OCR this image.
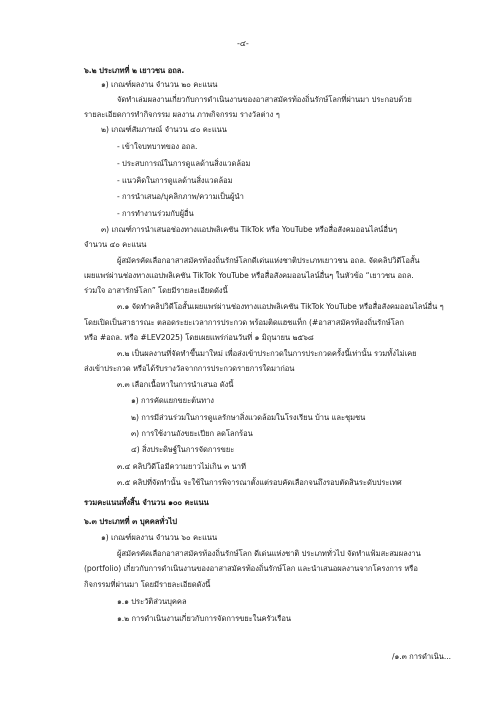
-๔-
๖.๒ ประเภทที่ ๒ เยาวชน อถล.
๑) เกณฑ์ผลงาน จำนวน ๒๐ คะแนน
จัดทำเล่มผลงานเกี่ยวกับการดำเนินงานของอาสาสมัครท้องถิ่นรักษ์โลกที่ผ่านมา ประกอบด้วย
รายละเอียดการทำกิจกรรม ผลงาน ภาพกิจกรรม รางวัลต่าง ๆ
๒) เกณฑ์สัมภาษณ์ จำนวน ๔๐ คะแนน
- เข้าใจบทบาทของ อถล.
- ประสบการณ์ในการดูแลด้านสิ่งแวดล้อม
- แนวคิดในการดูแลด้านสิ่งแวดล้อม
- การนำเสนอ/บุคลิกภาพ/ความเป็นผู้นำ
- การทำงานร่วมกับผู้อื่น
๓) เกณฑ์การนำเสนอช่องทางแอปพลิเคชัน TikTok หรือ YouTube หรือสื่อสังคมออนไลน์อื่นๆ
จำนวน ๔๐ คะแนน
ผู้สมัครคัดเลือกอาสาสมัครท้องถิ่นรักษ์โลกดีเด่นแห่งชาติประเภทเยาวชน อถล. จัดคลิปวิดีโอสั้น
เผยแพร่ผ่านช่องทางแอปพลิเคชัน TikTok YouTube หรือสื่อสังคมออนไลน์อื่นๆ ในหัวข้อ “เยาวชน อถล.
ร่วมใจ อาสารักษ์โลก” โดยมีรายละเอียดดังนี้
๓.๑ จัดทำคลิปวิดีโอสั้นเผยแพร่ผ่านช่องทางแอปพลิเคชัน TikTok YouTube หรือสื่อสังคมออนไลน์อื่น ๆ
โดยเปิดเป็นสาธารณะ ตลอดระยะเวลาการประกวด พร้อมติดแฮชแท็ก (#อาสาสมัครท้องถิ่นรักษ์โลก
หรือ #อถล. หรือ #LEV2025) โดยเผยแพร่ก่อนวันที่ ๑ มิถุนายน ๒๕๖๘
๓.๒ เป็นผลงานที่จัดทำขึ้นมาใหม่ เพื่อส่งเข้าประกวดในการประกวดครั้งนี้เท่านั้น รวมทั้งไม่เคย
ส่งเข้าประกวด หรือได้รับรางวัลจากการประกวดรายการใดมาก่อน
๓.๓ เลือกเนื้อหาในการนำเสนอ ดังนี้
๑) การคัดแยกขยะต้นทาง
๒) การมีส่วนร่วมในการดูแลรักษาสิ่งแวดล้อมในโรงเรียน บ้าน และชุมชน
๓) การใช้งานถังขยะเปียก ลดโลกร้อน
๔) สิ่งประดิษฐ์ในการจัดการขยะ
๓.๔ คลิปวิดีโอมีความยาวไม่เกิน ๓ นาที
๓.๕ คลิปที่จัดทำนั้น จะใช้ในการพิจารณาตั้งแต่รอบคัดเลือกจนถึงรอบตัดสินระดับประเทศ
รวมคะแนนทั้งสิ้น จำนวน ๑๐๐ คะแนน
๖.๓ ประเภทที่ ๓ บุคคลทั่วไป
๑) เกณฑ์ผลงาน จำนวน ๖๐ คะแนน
ผู้สมัครคัดเลือกอาสาสมัครท้องถิ่นรักษ์โลก ดีเด่นแห่งชาติ ประเภททั่วไป จัดทำแฟ้มสะสมผลงาน
(portfolio) เกี่ยวกับการดำเนินงานของอาสาสมัครท้องถิ่นรักษ์โลก และนำเสนอผลงานจากโครงการ หรือ
กิจกรรมที่ผ่านมา โดยมีรายละเอียดดังนี้
๑.๑ ประวัติส่วนบุคคล
๑.๒ การดำเนินงานเกี่ยวกับการจัดการขยะในครัวเรือน
/๑.๓ การดำเนิน...
